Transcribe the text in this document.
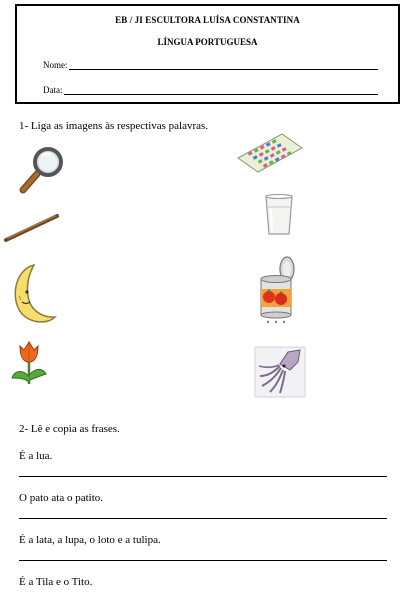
EB / JI ESCULTORA LUÍSA CONSTANTINA
LÍNGUA PORTUGUESA
Nome:
Data:
1- Liga as imagens às respectivas palavras.
2- Lê e copia as frases.
É a lua.
O pato ata o patito.
É a lata, a lupa, o loto e a tulipa.
É a Tila e o Tito.
